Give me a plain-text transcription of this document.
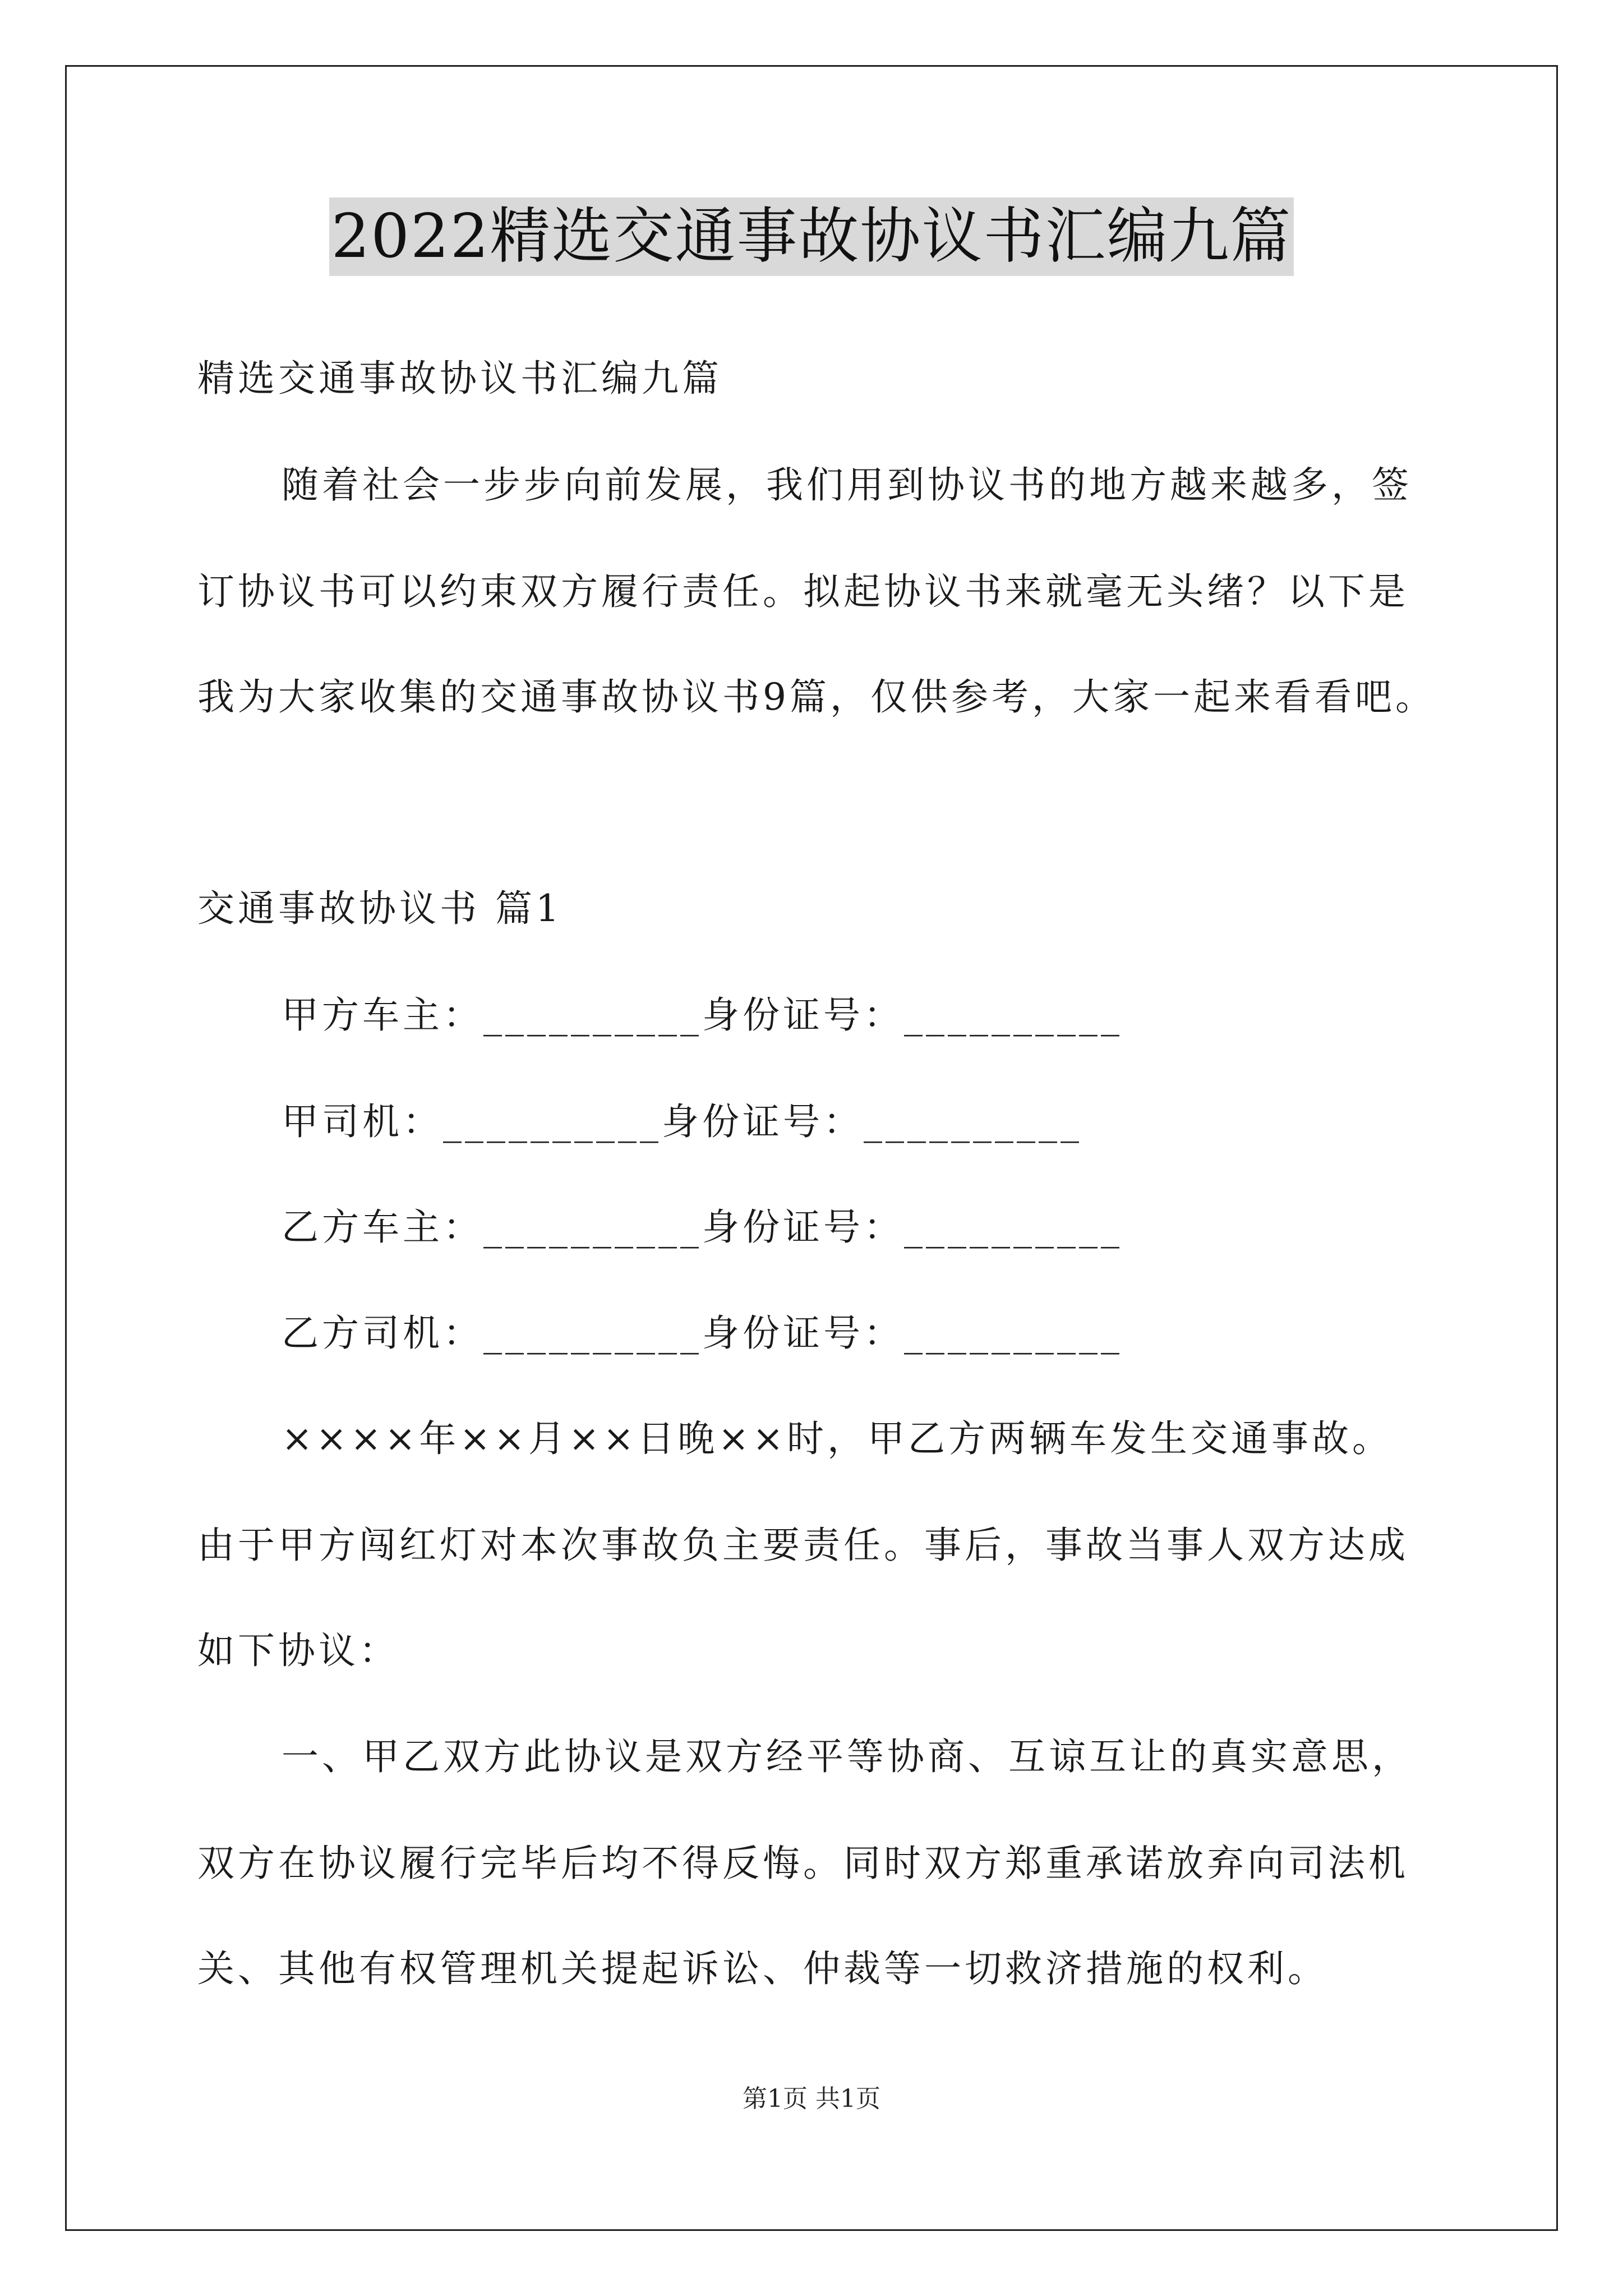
2022精选交通事故协议书汇编九篇
精选交通事故协议书汇编九篇
随着社会一步步向前发展，我们用到协议书的地方越来越多，签
订协议书可以约束双方履行责任。拟起协议书来就毫无头绪？以下是
我为大家收集的交通事故协议书9篇，仅供参考，大家一起来看看吧。
交通事故协议书 篇1
甲方车主：__________身份证号：__________
甲司机：__________身份证号：__________
乙方车主：__________身份证号：__________
乙方司机：__________身份证号：__________
××××年××月××日晚××时，甲乙方两辆车发生交通事故。
由于甲方闯红灯对本次事故负主要责任。事后，事故当事人双方达成
如下协议：
一、甲乙双方此协议是双方经平等协商、互谅互让的真实意思，
双方在协议履行完毕后均不得反悔。同时双方郑重承诺放弃向司法机
关、其他有权管理机关提起诉讼、仲裁等一切救济措施的权利。
第1页 共1页
